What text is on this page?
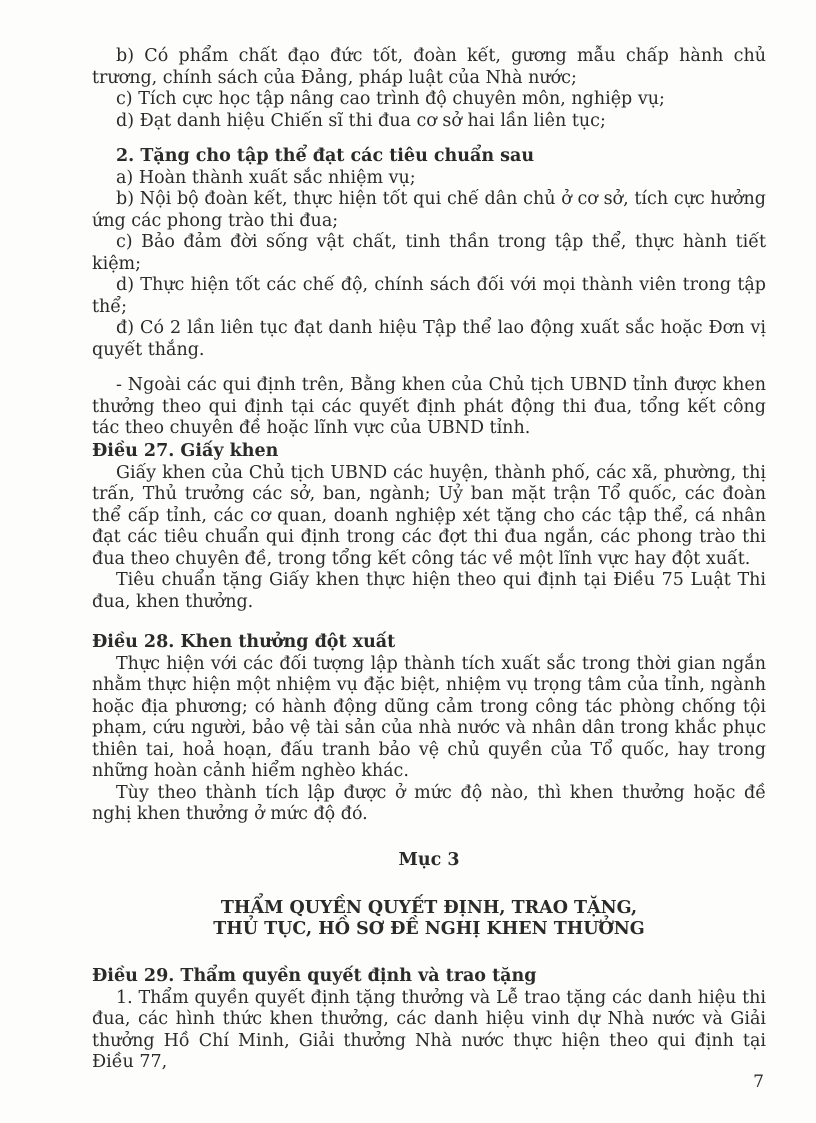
b) Có phẩm chất đạo đức tốt, đoàn kết, gương mẫu chấp hành chủ trương, chính sách của Đảng, pháp luật của Nhà nước;

c) Tích cực học tập nâng cao trình độ chuyên môn, nghiệp vụ;

d) Đạt danh hiệu Chiến sĩ thi đua cơ sở hai lần liên tục;

2. Tặng cho tập thể đạt các tiêu chuẩn sau

a) Hoàn thành xuất sắc nhiệm vụ;

b) Nội bộ đoàn kết, thực hiện tốt qui chế dân chủ ở cơ sở, tích cực hưởng ứng các phong trào thi đua;

c) Bảo đảm đời sống vật chất, tinh thần trong tập thể, thực hành tiết kiệm;

d) Thực hiện tốt các chế độ, chính sách đối với mọi thành viên trong tập thể;

đ) Có 2 lần liên tục đạt danh hiệu Tập thể lao động xuất sắc hoặc Đơn vị quyết thắng.

- Ngoài các qui định trên, Bằng khen của Chủ tịch UBND tỉnh được khen thưởng theo qui định tại các quyết định phát động thi đua, tổng kết công tác theo chuyên đề hoặc lĩnh vực của UBND tỉnh.

Điều 27. Giấy khen

Giấy khen của Chủ tịch UBND các huyện, thành phố, các xã, phường, thị trấn, Thủ trưởng các sở, ban, ngành; Uỷ ban mặt trận Tổ quốc, các đoàn thể cấp tỉnh, các cơ quan, doanh nghiệp xét tặng cho các tập thể, cá nhân đạt các tiêu chuẩn qui định trong các đợt thi đua ngắn, các phong trào thi đua theo chuyên đề, trong tổng kết công tác về một lĩnh vực hay đột xuất.

Tiêu chuẩn tặng Giấy khen thực hiện theo qui định tại Điều 75 Luật Thi đua, khen thưởng.

Điều 28. Khen thưởng đột xuất

Thực hiện với các đối tượng lập thành tích xuất sắc trong thời gian ngắn nhằm thực hiện một nhiệm vụ đặc biệt, nhiệm vụ trọng tâm của tỉnh, ngành hoặc địa phương; có hành động dũng cảm trong công tác phòng chống tội phạm, cứu người, bảo vệ tài sản của nhà nước và nhân dân trong khắc phục thiên tai, hoả hoạn, đấu tranh bảo vệ chủ quyền của Tổ quốc, hay trong những hoàn cảnh hiểm nghèo khác.

Tùy theo thành tích lập được ở mức độ nào, thì khen thưởng hoặc đề nghị khen thưởng ở mức độ đó.

Mục 3

THẨM QUYỀN QUYẾT ĐỊNH, TRAO TẶNG,

THỦ TỤC, HỒ SƠ ĐỀ NGHỊ KHEN THƯỞNG

Điều 29. Thẩm quyền quyết định và trao tặng

1. Thẩm quyền quyết định tặng thưởng và Lễ trao tặng các danh hiệu thi đua, các hình thức khen thưởng, các danh hiệu vinh dự Nhà nước và Giải thưởng Hồ Chí Minh, Giải thưởng Nhà nước thực hiện theo qui định tại Điều 77,

7
